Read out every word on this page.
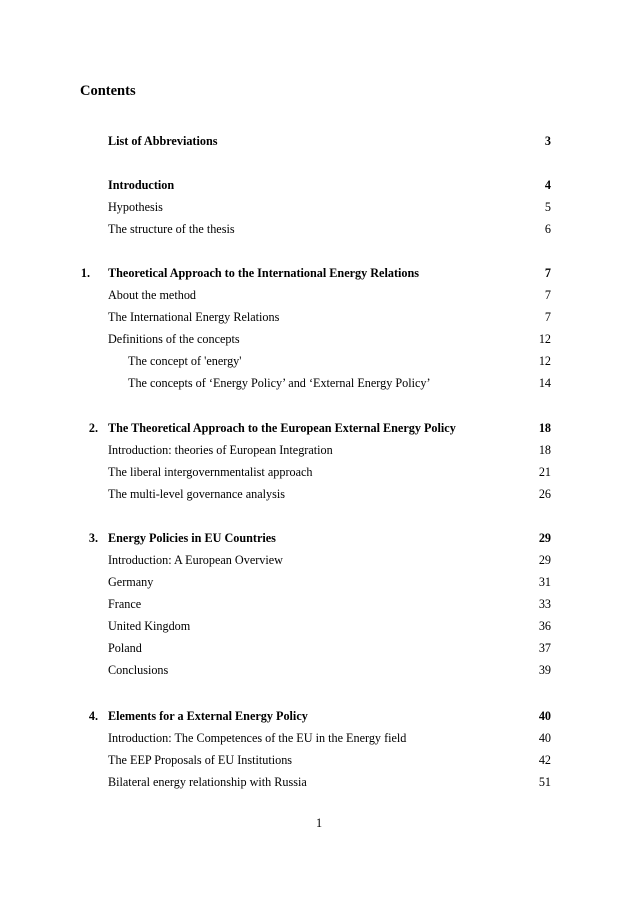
Contents
List of Abbreviations	3
Introduction	4
Hypothesis	5
The structure of the thesis	6
1. Theoretical Approach to the International Energy Relations	7
About the method	7
The International Energy Relations	7
Definitions of the concepts	12
The concept of 'energy'	12
The concepts of ‘Energy Policy’ and ‘External Energy Policy’	14
2. The Theoretical Approach to the European External Energy Policy	18
Introduction: theories of European Integration	18
The liberal intergovernmentalist approach	21
The multi-level governance analysis	26
3. Energy Policies in EU Countries	29
Introduction: A European Overview	29
Germany	31
France	33
United Kingdom	36
Poland	37
Conclusions	39
4. Elements for a External Energy Policy	40
Introduction: The Competences of the EU in the Energy field	40
The EEP Proposals of EU Institutions	42
Bilateral energy relationship with Russia	51
1
